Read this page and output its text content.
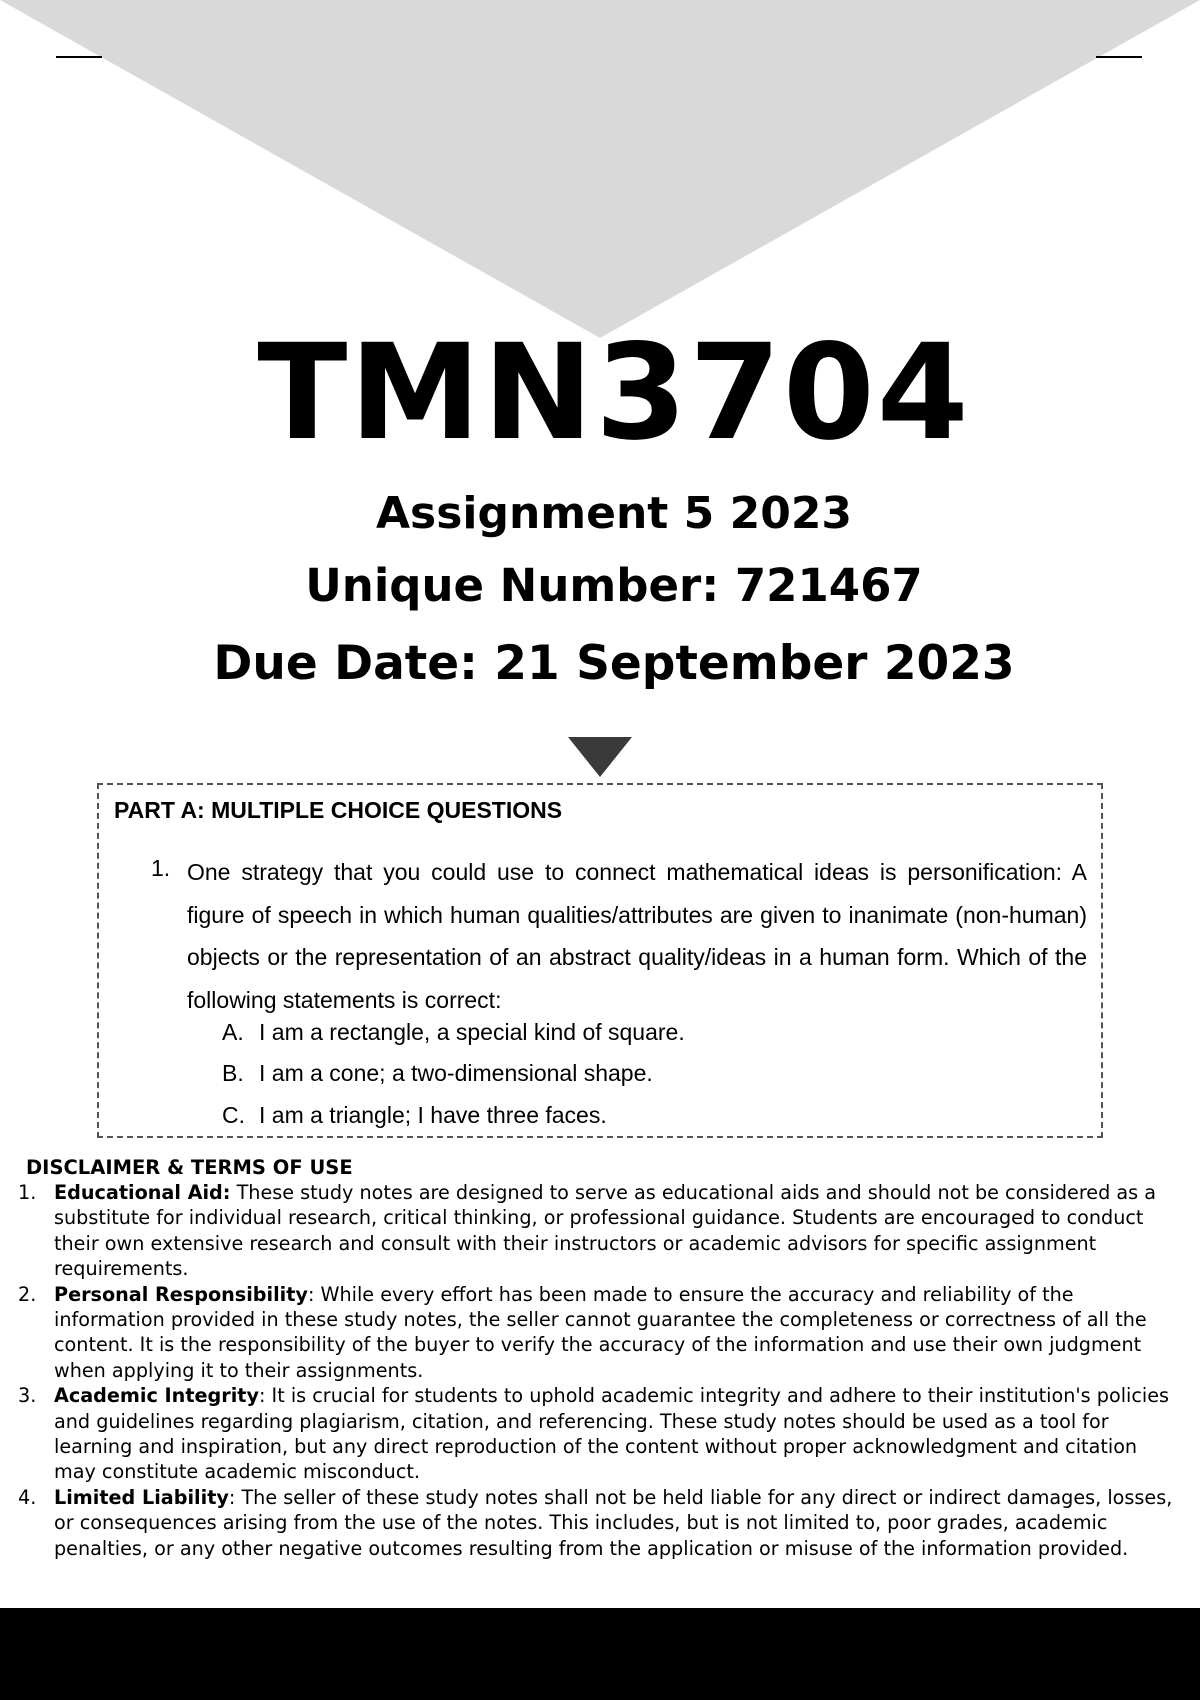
TMN3704
Assignment 5 2023
Unique Number: 721467
Due Date: 21 September 2023
PART A: MULTIPLE CHOICE QUESTIONS
1. One strategy that you could use to connect mathematical ideas is personification: A figure of speech in which human qualities/attributes are given to inanimate (non-human) objects or the representation of an abstract quality/ideas in a human form. Which of the following statements is correct:
A. I am a rectangle, a special kind of square.
B. I am a cone; a two-dimensional shape.
C. I am a triangle; I have three faces.
DISCLAIMER & TERMS OF USE
1. Educational Aid: These study notes are designed to serve as educational aids and should not be considered as a substitute for individual research, critical thinking, or professional guidance. Students are encouraged to conduct their own extensive research and consult with their instructors or academic advisors for specific assignment requirements.
2. Personal Responsibility: While every effort has been made to ensure the accuracy and reliability of the information provided in these study notes, the seller cannot guarantee the completeness or correctness of all the content. It is the responsibility of the buyer to verify the accuracy of the information and use their own judgment when applying it to their assignments.
3. Academic Integrity: It is crucial for students to uphold academic integrity and adhere to their institution's policies and guidelines regarding plagiarism, citation, and referencing. These study notes should be used as a tool for learning and inspiration, but any direct reproduction of the content without proper acknowledgment and citation may constitute academic misconduct.
4. Limited Liability: The seller of these study notes shall not be held liable for any direct or indirect damages, losses, or consequences arising from the use of the notes. This includes, but is not limited to, poor grades, academic penalties, or any other negative outcomes resulting from the application or misuse of the information provided.
